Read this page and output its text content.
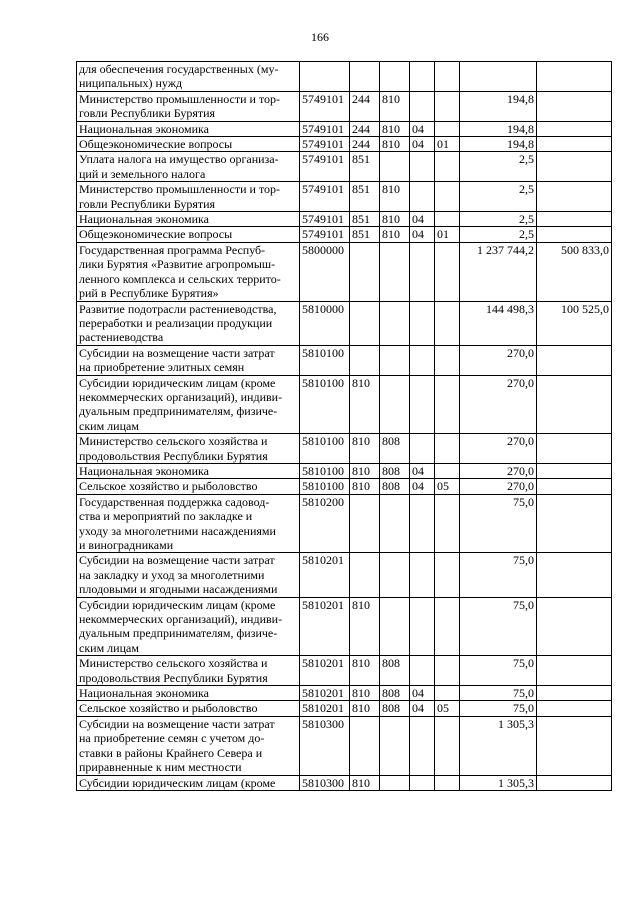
166
для обеспечения государственных (му-
ниципальных) нужд							
Министерство промышленности и тор-
говли Республики Бурятия	5749101	244	810			194,8	
Национальная экономика	5749101	244	810	04		194,8	
Общеэкономические вопросы	5749101	244	810	04	01	194,8	
Уплата налога на имущество организа-
ций и земельного налога	5749101	851				2,5	
Министерство промышленности и тор-
говли Республики Бурятия	5749101	851	810			2,5	
Национальная экономика	5749101	851	810	04		2,5	
Общеэкономические вопросы	5749101	851	810	04	01	2,5	
Государственная программа Респуб-
лики Бурятия «Развитие агропромыш-
ленного комплекса и сельских террито-
рий в Республике Бурятия»	5800000					1 237 744,2	500 833,0
Развитие подотрасли растениеводства,
переработки и реализации продукции
растениеводства	5810000					144 498,3	100 525,0
Субсидии на возмещение части затрат
на приобретение элитных семян	5810100					270,0	
Субсидии юридическим лицам (кроме
некоммерческих организаций), индиви-
дуальным предпринимателям, физиче-
ским лицам	5810100	810				270,0	
Министерство сельского хозяйства и
продовольствия Республики Бурятия	5810100	810	808			270,0	
Национальная экономика	5810100	810	808	04		270,0	
Сельское хозяйство и рыболовство	5810100	810	808	04	05	270,0	
Государственная поддержка садовод-
ства и мероприятий по закладке и
уходу за многолетними насаждениями
и виноградниками	5810200					75,0	
Субсидии на возмещение части затрат
на закладку и уход за многолетними
плодовыми и ягодными насаждениями	5810201					75,0	
Субсидии юридическим лицам (кроме
некоммерческих организаций), индиви-
дуальным предпринимателям, физиче-
ским лицам	5810201	810				75,0	
Министерство сельского хозяйства и
продовольствия Республики Бурятия	5810201	810	808			75,0	
Национальная экономика	5810201	810	808	04		75,0	
Сельское хозяйство и рыболовство	5810201	810	808	04	05	75,0	
Субсидии на возмещение части затрат
на приобретение семян с учетом до-
ставки в районы Крайнего Севера и
приравненные к ним местности	5810300					1 305,3	
Субсидии юридическим лицам (кроме	5810300	810				1 305,3	
